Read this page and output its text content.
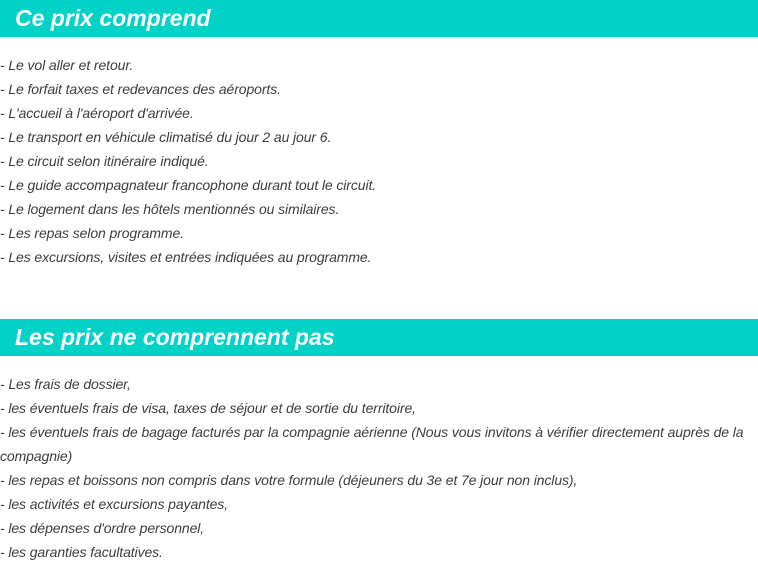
Ce prix comprend
- Le vol aller et retour.
- Le forfait taxes et redevances des aéroports.
- L'accueil à l'aéroport d'arrivée.
- Le transport en véhicule climatisé du jour 2 au jour 6.
- Le circuit selon itinéraire indiqué.
- Le guide accompagnateur francophone durant tout le circuit.
- Le logement dans les hôtels mentionnés ou similaires.
- Les repas selon programme.
- Les excursions, visites et entrées indiquées au programme.
Les prix ne comprennent pas
- Les frais de dossier,
- les éventuels frais de visa, taxes de séjour et de sortie du territoire,
- les éventuels frais de bagage facturés par la compagnie aérienne (Nous vous invitons à vérifier directement auprès de la compagnie)
- les repas et boissons non compris dans votre formule (déjeuners du 3e et 7e jour non inclus),
- les activités et excursions payantes,
- les dépenses d'ordre personnel,
- les garanties facultatives.
